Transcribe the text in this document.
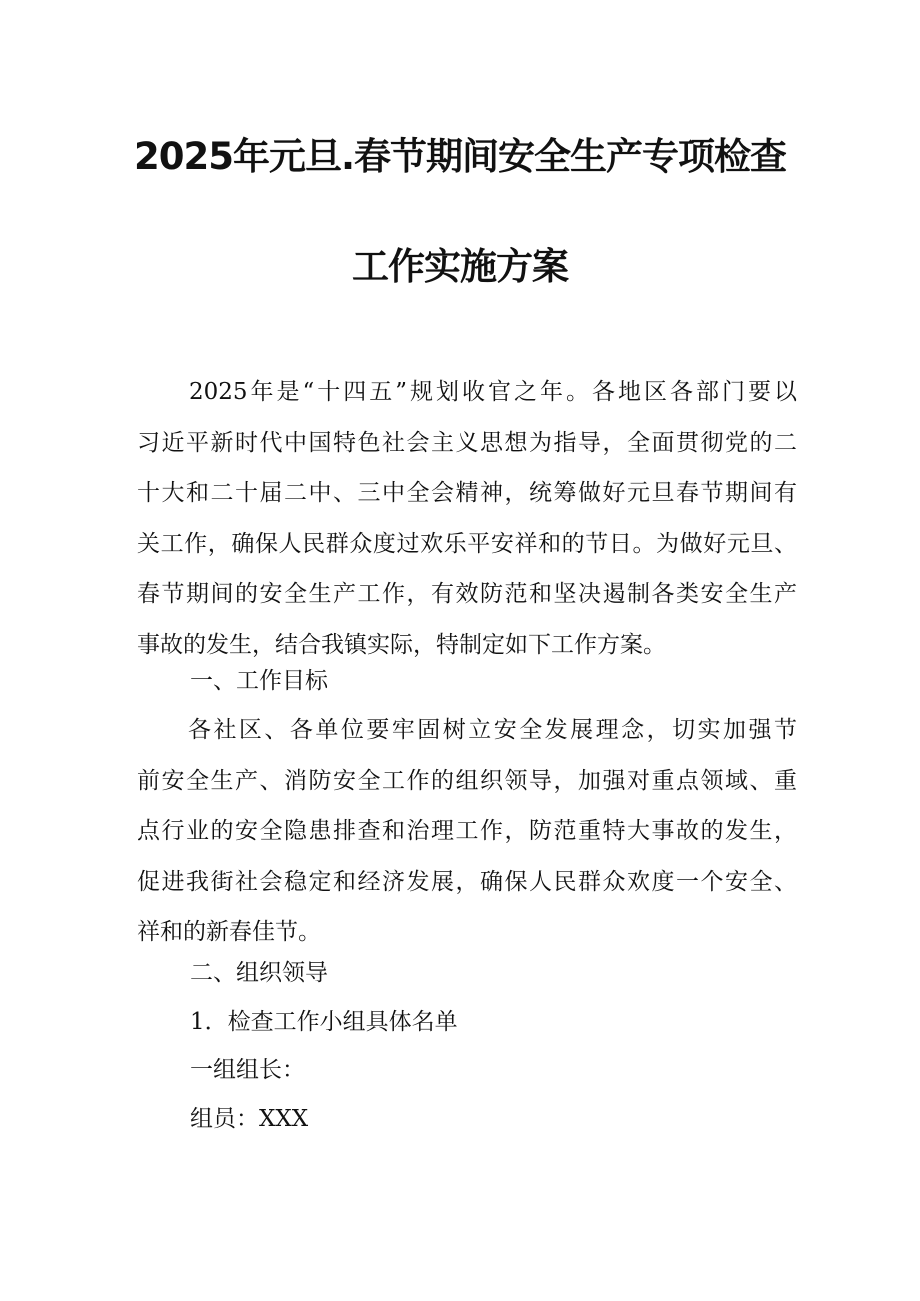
2025年元旦.春节期间安全生产专项检查
工作实施方案
　　2025年是“十四五”规划收官之年。各地区各部门要以
习近平新时代中国特色社会主义思想为指导，全面贯彻党的二
十大和二十届二中、三中全会精神，统筹做好元旦春节期间有
关工作，确保人民群众度过欢乐平安祥和的节日。为做好元旦、
春节期间的安全生产工作，有效防范和坚决遏制各类安全生产
事故的发生，结合我镇实际，特制定如下工作方案。
一、工作目标
　　各社区、各单位要牢固树立安全发展理念，切实加强节
前安全生产、消防安全工作的组织领导，加强对重点领域、重
点行业的安全隐患排查和治理工作，防范重特大事故的发生，
促进我街社会稳定和经济发展，确保人民群众欢度一个安全、
祥和的新春佳节。
二、组织领导
1．检查工作小组具体名单
一组组长：
组员：XXX
